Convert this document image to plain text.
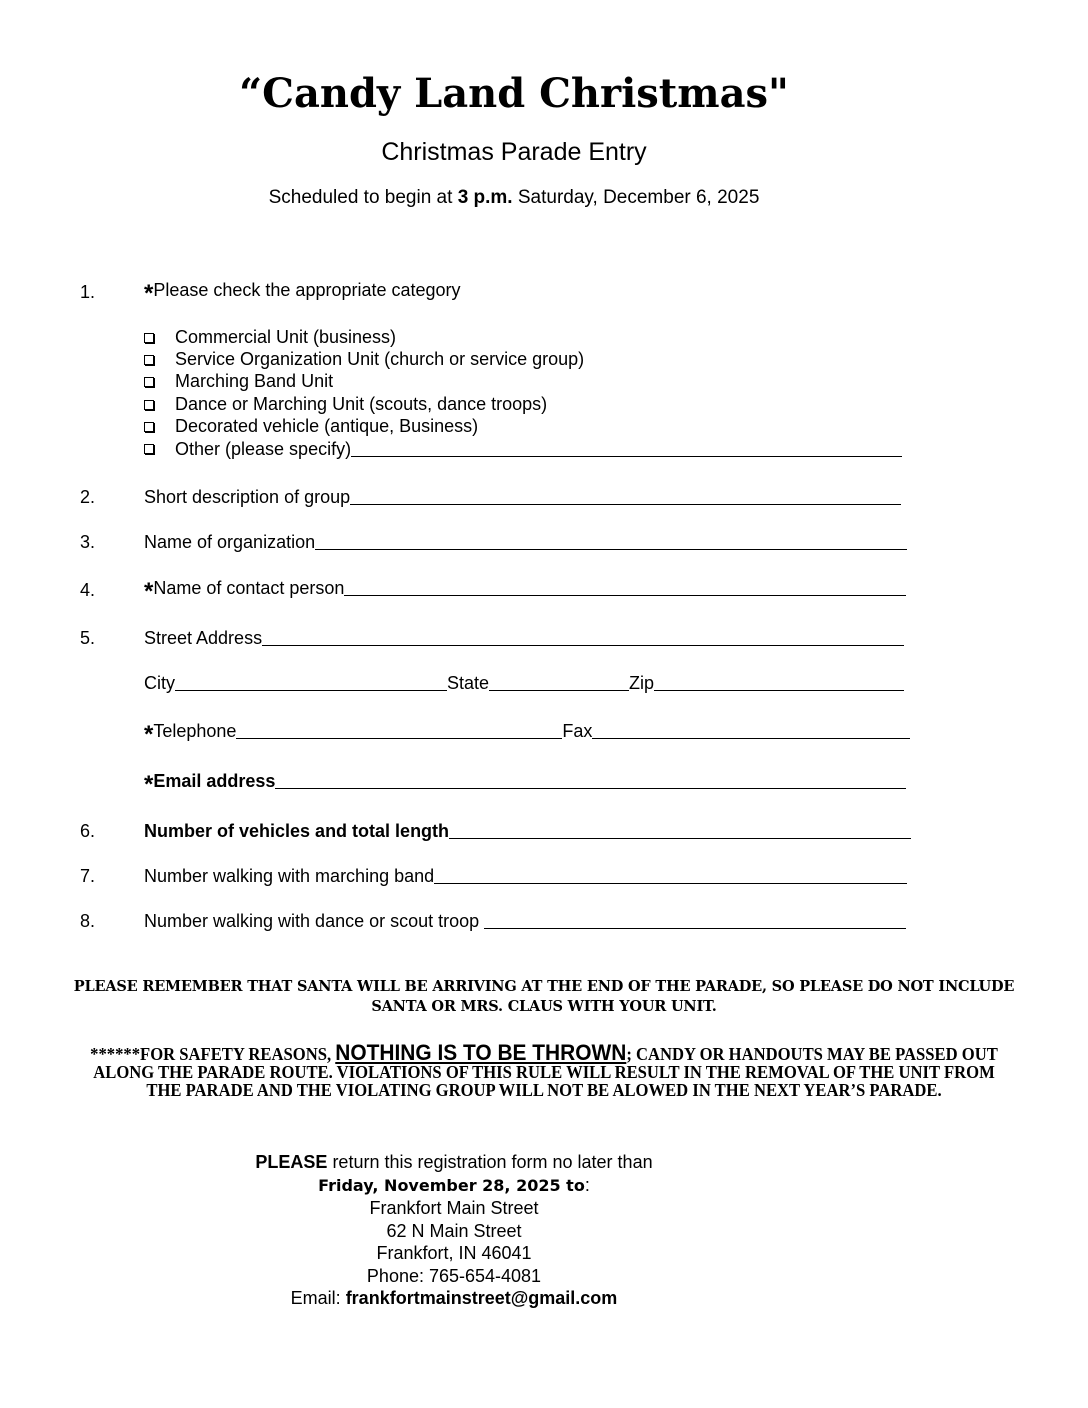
“Candy Land Christmas"
Christmas Parade Entry
Scheduled to begin at 3 p.m. Saturday, December 6, 2025
1. * Please check the appropriate category
Commercial Unit (business)
Service Organization Unit (church or service group)
Marching Band Unit
Dance or Marching Unit (scouts, dance troops)
Decorated vehicle (antique, Business)
Other (please specify)
2.	Short description of group
3.	Name of organization
4. * Name of contact person
5.	Street Address
City	State	Zip
* Telephone	Fax
* Email address
6.	Number of vehicles and total length
7.	Number walking with marching band
8.	Number walking with dance or scout troop
PLEASE REMEMBER THAT SANTA WILL BE ARRIVING AT THE END OF THE PARADE, SO PLEASE DO NOT INCLUDE SANTA OR MRS. CLAUS WITH YOUR UNIT.
******FOR SAFETY REASONS, NOTHING IS TO BE THROWN; CANDY OR HANDOUTS MAY BE PASSED OUT ALONG THE PARADE ROUTE. VIOLATIONS OF THIS RULE WILL RESULT IN THE REMOVAL OF THE UNIT FROM THE PARADE AND THE VIOLATING GROUP WILL NOT BE ALOWED IN THE NEXT YEAR’S PARADE.
PLEASE return this registration form no later than
Friday, November 28, 2025 to:
Frankfort Main Street
62 N Main Street
Frankfort, IN 46041
Phone: 765-654-4081
Email: frankfortmainstreet@gmail.com
